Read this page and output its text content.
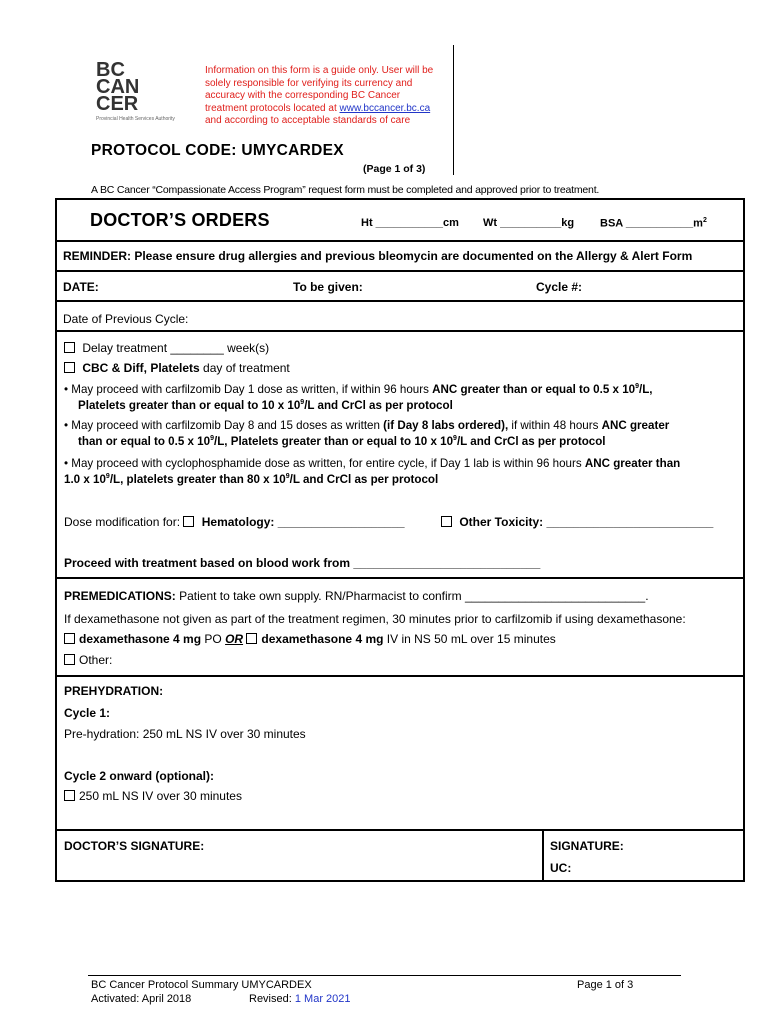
BC
CAN
CER
Provincial Health Services Authority
Information on this form is a guide only. User will be
solely responsible for verifying its currency and
accuracy with the corresponding BC Cancer
treatment protocols located at www.bccancer.bc.ca
and according to acceptable standards of care
PROTOCOL CODE: UMYCARDEX
(Page 1 of 3)
A BC Cancer “Compassionate Access Program” request form must be completed and approved prior to treatment.
DOCTOR’S ORDERS	Ht ___________cm Wt __________kg BSA $\_\_\_\_\_\_\_\_\_\_\_m^2$
REMINDER: Please ensure drug allergies and previous bleomycin are documented on the Allergy & Alert Form
DATE:	To be given:	Cycle #:
Date of Previous Cycle:
Delay treatment ________ week(s)
CBC & Diff, Platelets day of treatment
• May proceed with carfilzomib Day 1 dose as written, if within 96 hours ANC greater than or equal to 0.5 x $10^9/L$,
Platelets greater than or equal to 10 x $10^9/L$ and CrCl as per protocol
• May proceed with carfilzomib Day 8 and 15 doses as written (if Day 8 labs ordered), if within 48 hours ANC greater
than or equal to 0.5 x $10^9/L$, Platelets greater than or equal to 10 x $10^9/L$ and CrCl as per protocol
• May proceed with cyclophosphamide dose as written, for entire cycle, if Day 1 lab is within 96 hours ANC greater than
1.0 x $10^9/L$, platelets greater than 80 x $10^9/L$ and CrCl as per protocol
Dose modification for:  Hematology: ___________________	Other Toxicity: _________________________
Proceed with treatment based on blood work from ____________________________
PREMEDICATIONS: Patient to take own supply. RN/Pharmacist to confirm ___________________________.
If dexamethasone not given as part of the treatment regimen, 30 minutes prior to carfilzomib if using dexamethasone:
dexamethasone 4 mg PO OR dexamethasone 4 mg IV in NS 50 mL over 15 minutes
Other:
PREHYDRATION:
Cycle 1:
Pre-hydration: 250 mL NS IV over 30 minutes
Cycle 2 onward (optional):
250 mL NS IV over 30 minutes
DOCTOR’S SIGNATURE:	SIGNATURE:
UC:
BC Cancer Protocol Summary UMYCARDEX	Page 1 of 3
Activated: April 2018	Revised: 1 Mar 2021
